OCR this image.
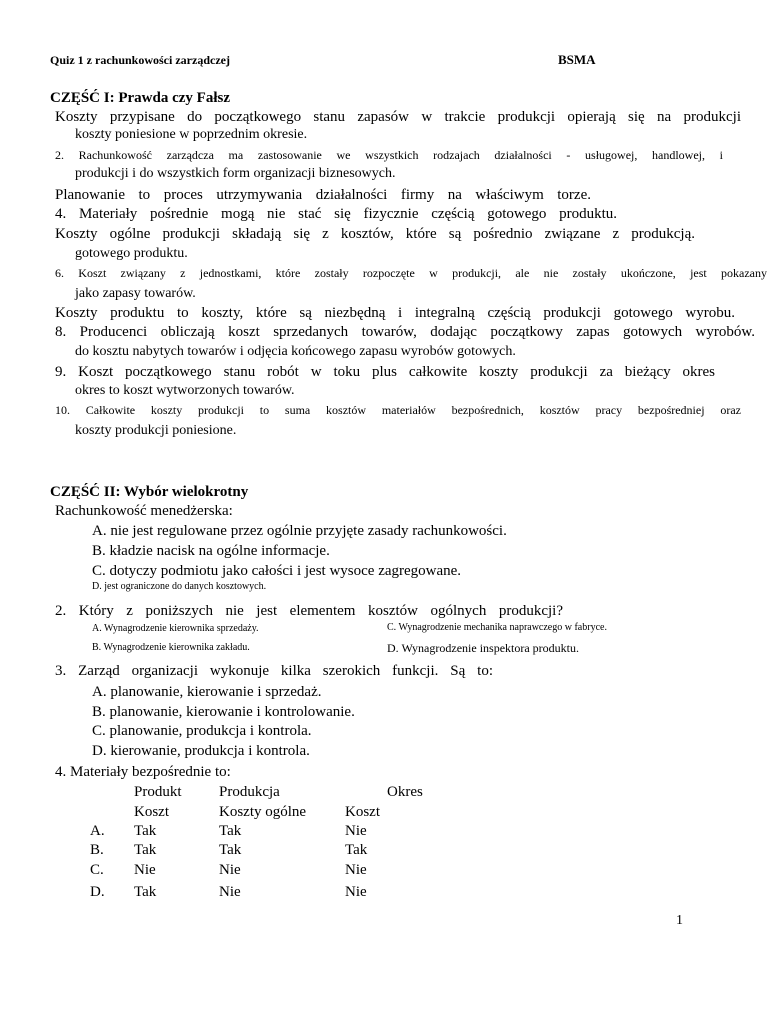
Quiz 1 z rachunkowości zarządczej	BSMA
CZĘŚĆ I: Prawda czy Fałsz
Koszty przypisane do początkowego stanu zapasów w trakcie produkcji opierają się na produkcji
koszty poniesione w poprzednim okresie.
2. Rachunkowość zarządcza ma zastosowanie we wszystkich rodzajach działalności - usługowej, handlowej, i
produkcji i do wszystkich form organizacji biznesowych.
Planowanie to proces utrzymywania działalności firmy na właściwym torze.
4. Materiały pośrednie mogą nie stać się fizycznie częścią gotowego produktu.
Koszty ogólne produkcji składają się z kosztów, które są pośrednio związane z produkcją.
gotowego produktu.
6. Koszt związany z jednostkami, które zostały rozpoczęte w produkcji, ale nie zostały ukończone, jest pokazany
jako zapasy towarów.
Koszty produktu to koszty, które są niezbędną i integralną częścią produkcji gotowego wyrobu.
8. Producenci obliczają koszt sprzedanych towarów, dodając początkowy zapas gotowych wyrobów.
do kosztu nabytych towarów i odjęcia końcowego zapasu wyrobów gotowych.
9. Koszt początkowego stanu robót w toku plus całkowite koszty produkcji za bieżący okres
okres to koszt wytworzonych towarów.
10. Całkowite koszty produkcji to suma kosztów materiałów bezpośrednich, kosztów pracy bezpośredniej oraz
koszty produkcji poniesione.
CZĘŚĆ II: Wybór wielokrotny
Rachunkowość menedżerska:
A. nie jest regulowane przez ogólnie przyjęte zasady rachunkowości.
B. kładzie nacisk na ogólne informacje.
C. dotyczy podmiotu jako całości i jest wysoce zagregowane.
D. jest ograniczone do danych kosztowych.
2. Który z poniższych nie jest elementem kosztów ogólnych produkcji?
A. Wynagrodzenie kierownika sprzedaży.	C. Wynagrodzenie mechanika naprawczego w fabryce.
B. Wynagrodzenie kierownika zakładu.	D. Wynagrodzenie inspektora produktu.
3. Zarząd organizacji wykonuje kilka szerokich funkcji. Są to:
A. planowanie, kierowanie i sprzedaż.
B. planowanie, kierowanie i kontrolowanie.
C. planowanie, produkcja i kontrola.
D. kierowanie, produkcja i kontrola.
4. Materiały bezpośrednie to:
Produkt Produkcja	Okres
Koszt	Koszty ogólne	Koszt
A. Tak	Tak	Nie
B. Tak	Tak	Tak
C. Nie	Nie	Nie
D. Tak	Nie	Nie
1
